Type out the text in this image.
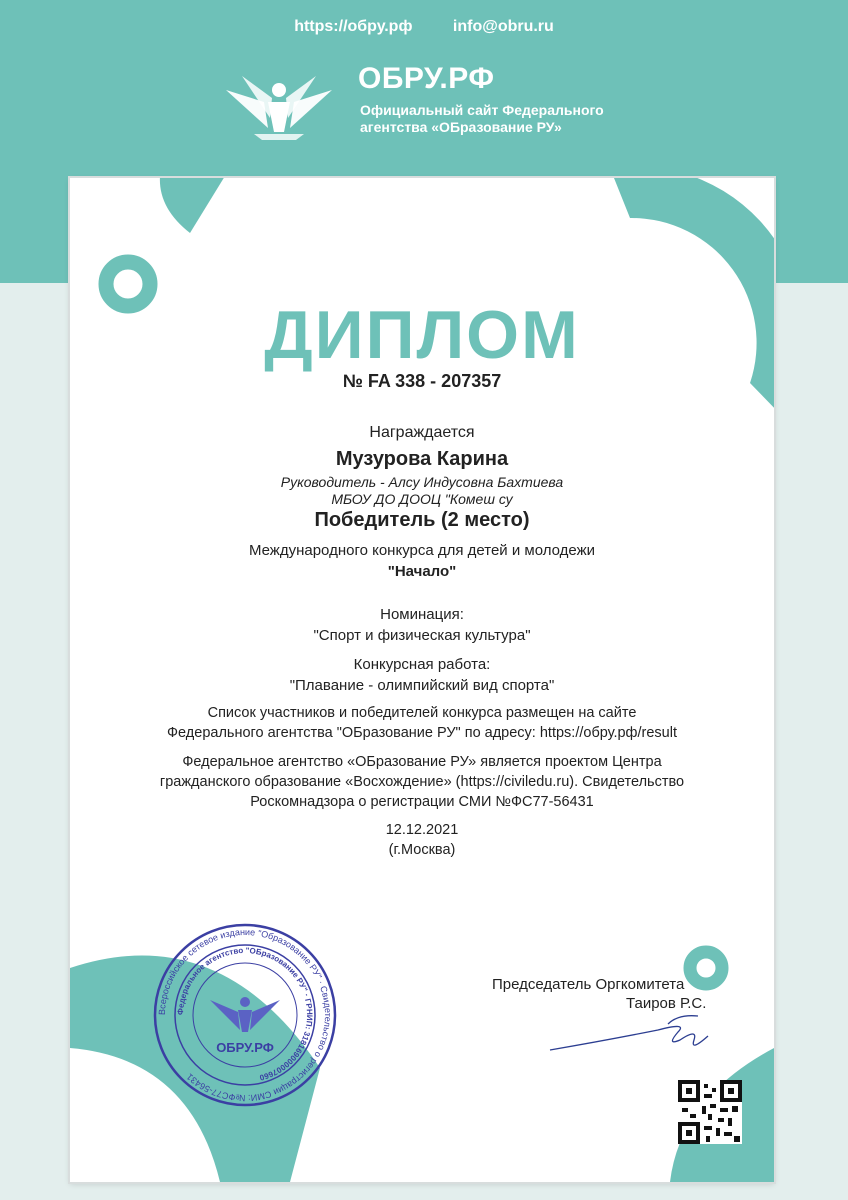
https://обру.рф	info@obru.ru
ОБРУ.РФ
Официальный сайт Федерального агентства «ОБразование РУ»
ДИПЛОМ
№ FA 338 - 207357
Награждается
Музурова Карина
Руководитель - Алсу Индусовна Бахтиева
МБОУ ДО ДООЦ "Комеш су
Победитель (2 место)
Международного конкурса для детей и молодежи
"Начало"
Номинация:
"Спорт и физическая культура"
Конкурсная работа:
"Плавание - олимпийский вид спорта"
Список участников и победителей конкурса размещен на сайте
Федерального агентства "ОБразование РУ" по адресу: https://обру.рф/result
Федеральное агентство «ОБразование РУ» является проектом Центра
гражданского образование «Восхождение» (https://civiledu.ru). Свидетельство
Роскомнадзора о регистрации СМИ №ФС77-56431
12.12.2021
(г.Москва)
Председатель Оргкомитета
Таиров Р.С.
Всероссийское сетевое издание "Образование РУ" · Свидетельство о регистрации СМИ: №ФС77-56431
Федеральное агентство "ОБразование РУ" · ГРНИП: 318169000007660
ОБРУ.РФ
